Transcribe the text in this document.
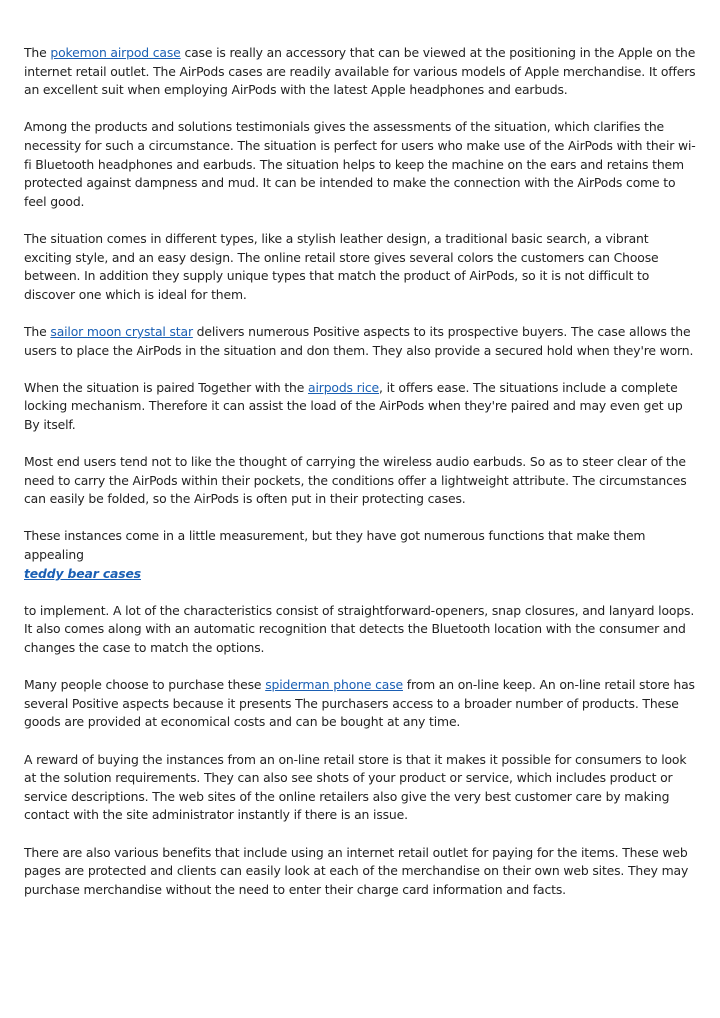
The pokemon airpod case case is really an accessory that can be viewed at the positioning in the Apple on the internet retail outlet. The AirPods cases are readily available for various models of Apple merchandise. It offers an excellent suit when employing AirPods with the latest Apple headphones and earbuds.

Among the products and solutions testimonials gives the assessments of the situation, which clarifies the necessity for such a circumstance. The situation is perfect for users who make use of the AirPods with their wi-fi Bluetooth headphones and earbuds. The situation helps to keep the machine on the ears and retains them protected against dampness and mud. It can be intended to make the connection with the AirPods come to feel good.

The situation comes in different types, like a stylish leather design, a traditional basic search, a vibrant exciting style, and an easy design. The online retail store gives several colors the customers can Choose between. In addition they supply unique types that match the product of AirPods, so it is not difficult to discover one which is ideal for them.

The sailor moon crystal star delivers numerous Positive aspects to its prospective buyers. The case allows the users to place the AirPods in the situation and don them. They also provide a secured hold when they're worn.

When the situation is paired Together with the airpods rice, it offers ease. The situations include a complete locking mechanism. Therefore it can assist the load of the AirPods when they're paired and may even get up By itself.

Most end users tend not to like the thought of carrying the wireless audio earbuds. So as to steer clear of the need to carry the AirPods within their pockets, the conditions offer a lightweight attribute. The circumstances can easily be folded, so the AirPods is often put in their protecting cases.

These instances come in a little measurement, but they have got numerous functions that make them appealing

teddy bear cases

to implement. A lot of the characteristics consist of straightforward-openers, snap closures, and lanyard loops. It also comes along with an automatic recognition that detects the Bluetooth location with the consumer and changes the case to match the options.

Many people choose to purchase these spiderman phone case from an on-line keep. An on-line retail store has several Positive aspects because it presents The purchasers access to a broader number of products. These goods are provided at economical costs and can be bought at any time.

A reward of buying the instances from an on-line retail store is that it makes it possible for consumers to look at the solution requirements. They can also see shots of your product or service, which includes product or service descriptions. The web sites of the online retailers also give the very best customer care by making contact with the site administrator instantly if there is an issue.

There are also various benefits that include using an internet retail outlet for paying for the items. These web pages are protected and clients can easily look at each of the merchandise on their own web sites. They may purchase merchandise without the need to enter their charge card information and facts.
